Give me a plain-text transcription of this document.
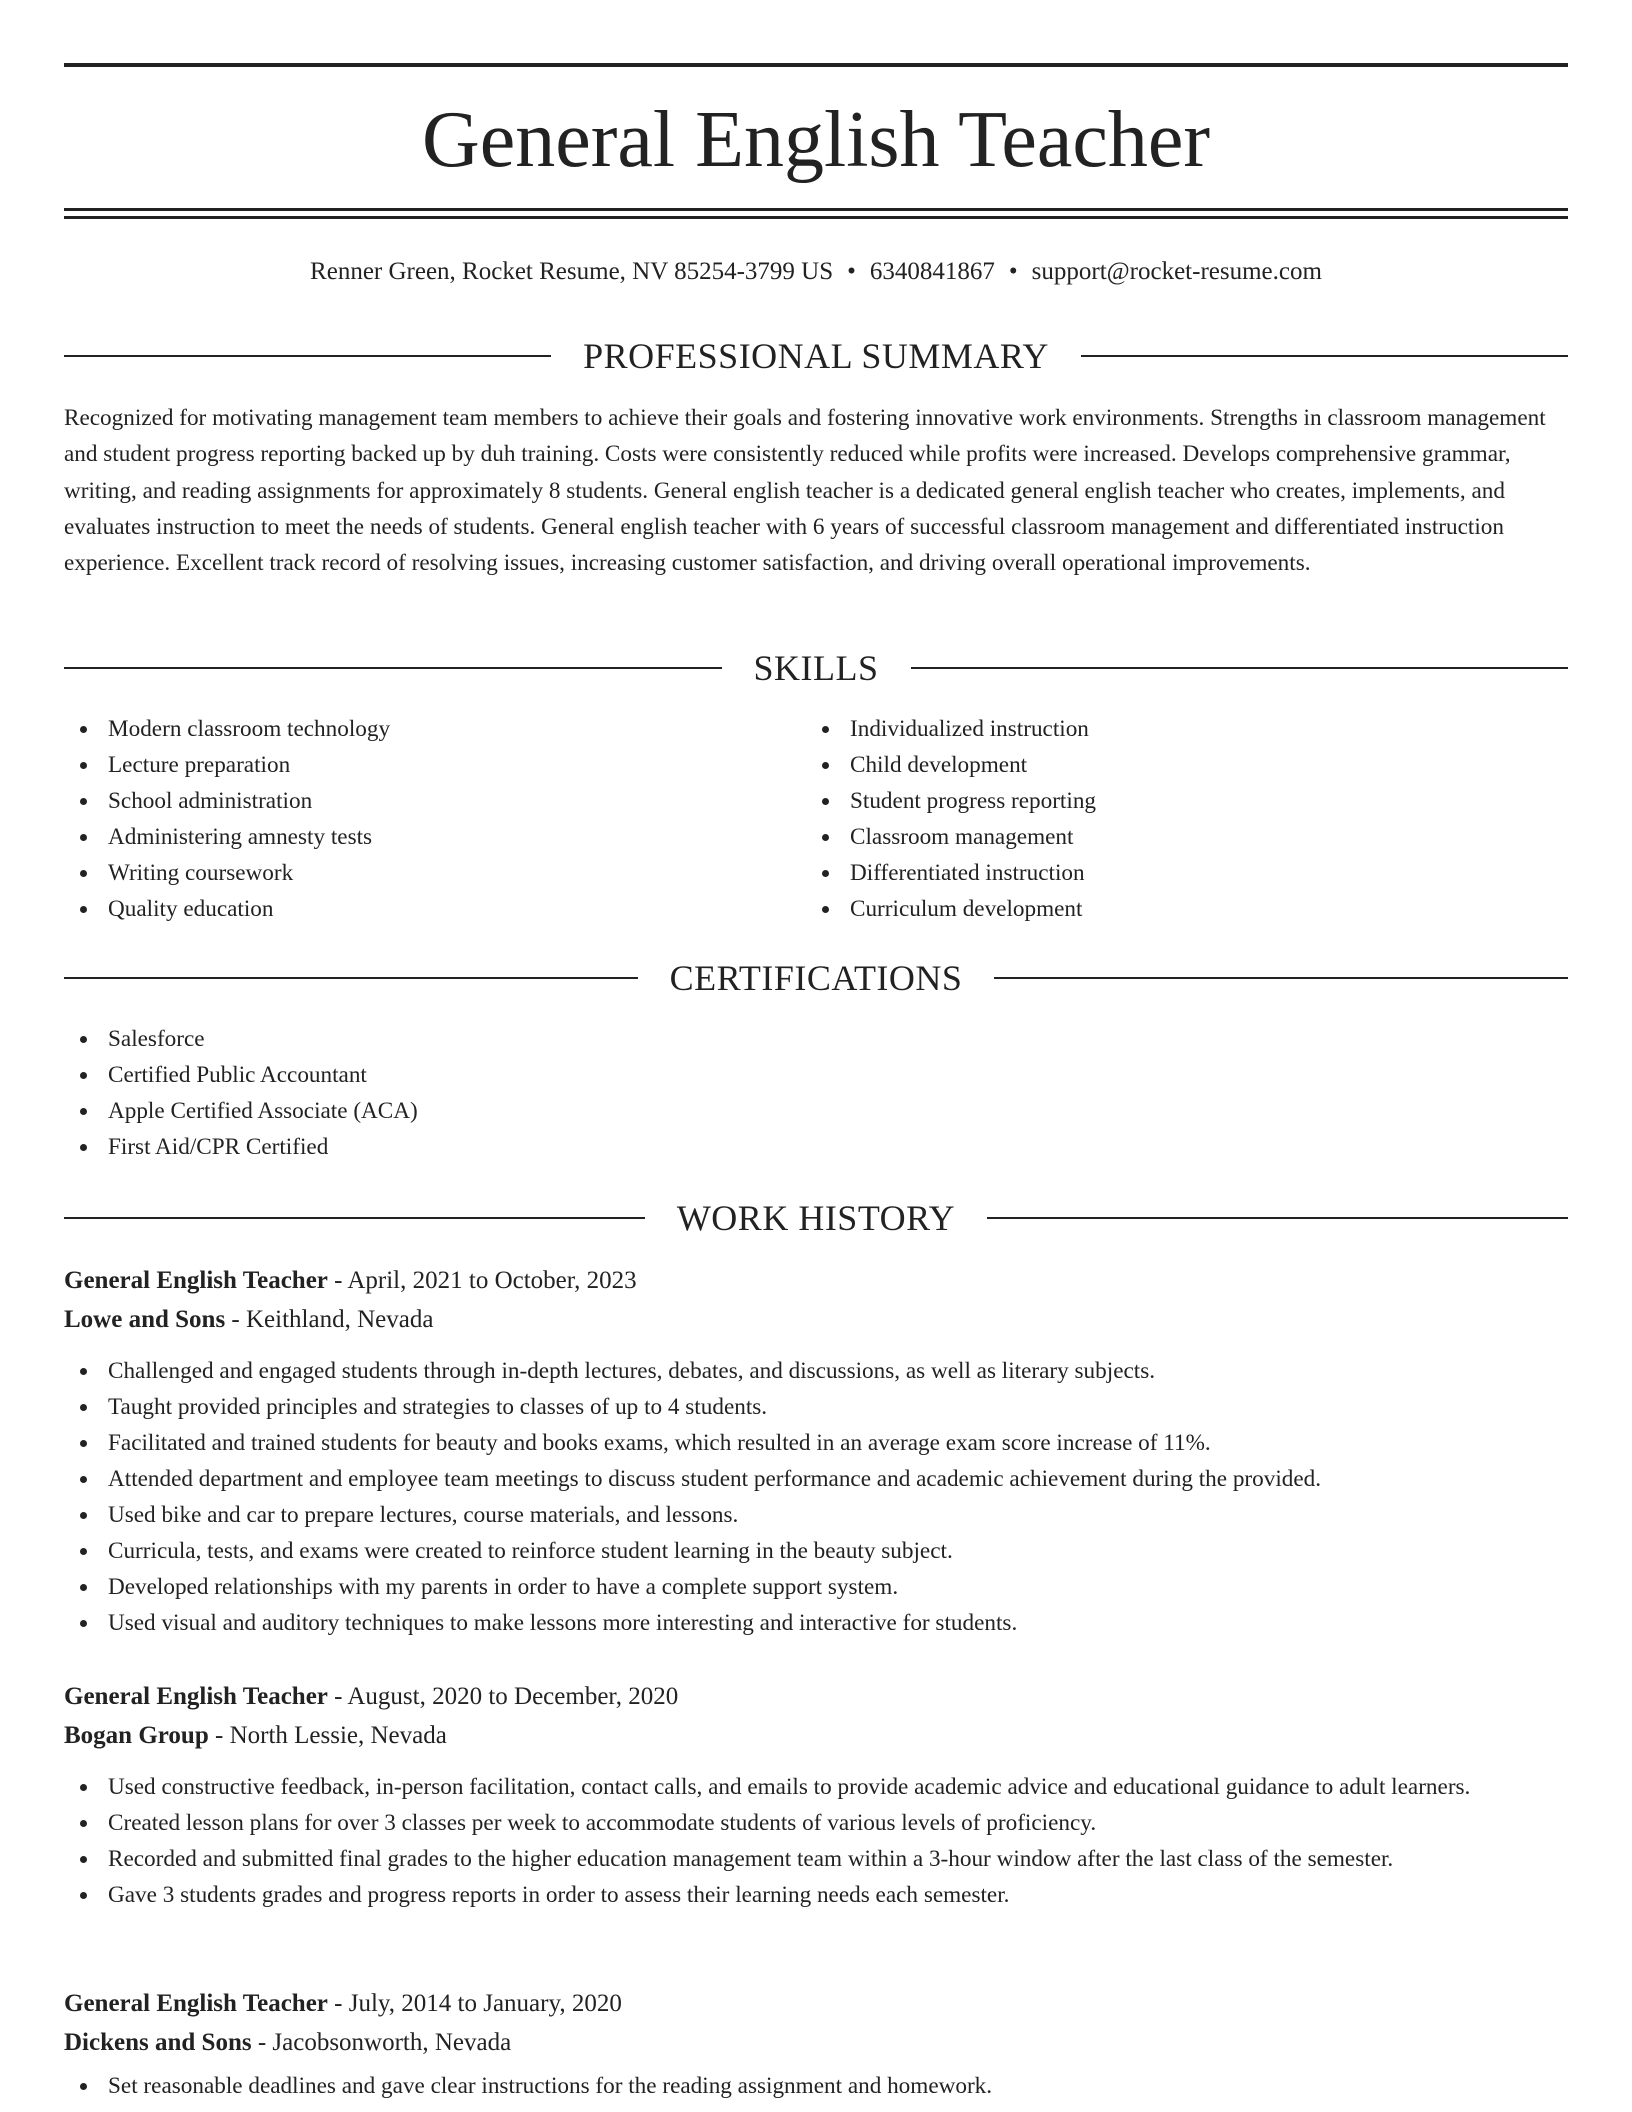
General English Teacher
Renner Green, Rocket Resume, NV 85254-3799 US • 6340841867 • support@rocket-resume.com
PROFESSIONAL SUMMARY

Recognized for motivating management team members to achieve their goals and fostering innovative work environments. Strengths in classroom management and student progress reporting backed up by duh training. Costs were consistently reduced while profits were increased. Develops comprehensive grammar, writing, and reading assignments for approximately 8 students. General english teacher is a dedicated general english teacher who creates, implements, and evaluates instruction to meet the needs of students. General english teacher with 6 years of successful classroom management and differentiated instruction experience. Excellent track record of resolving issues, increasing customer satisfaction, and driving overall operational improvements.

SKILLS
Modern classroom technology
Lecture preparation
School administration
Administering amnesty tests
Writing coursework
Quality education
Individualized instruction
Child development
Student progress reporting
Classroom management
Differentiated instruction
Curriculum development
CERTIFICATIONS
Salesforce
Certified Public Accountant
Apple Certified Associate (ACA)
First Aid/CPR Certified
WORK HISTORY
General English Teacher - April, 2021 to October, 2023
Lowe and Sons - Keithland, Nevada
Challenged and engaged students through in-depth lectures, debates, and discussions, as well as literary subjects.
Taught provided principles and strategies to classes of up to 4 students.
Facilitated and trained students for beauty and books exams, which resulted in an average exam score increase of 11%.
Attended department and employee team meetings to discuss student performance and academic achievement during the provided.
Used bike and car to prepare lectures, course materials, and lessons.
Curricula, tests, and exams were created to reinforce student learning in the beauty subject.
Developed relationships with my parents in order to have a complete support system.
Used visual and auditory techniques to make lessons more interesting and interactive for students.
General English Teacher - August, 2020 to December, 2020
Bogan Group - North Lessie, Nevada
Used constructive feedback, in-person facilitation, contact calls, and emails to provide academic advice and educational guidance to adult learners.
Created lesson plans for over 3 classes per week to accommodate students of various levels of proficiency.
Recorded and submitted final grades to the higher education management team within a 3-hour window after the last class of the semester.
Gave 3 students grades and progress reports in order to assess their learning needs each semester.
General English Teacher - July, 2014 to January, 2020
Dickens and Sons - Jacobsonworth, Nevada
Set reasonable deadlines and gave clear instructions for the reading assignment and homework.
